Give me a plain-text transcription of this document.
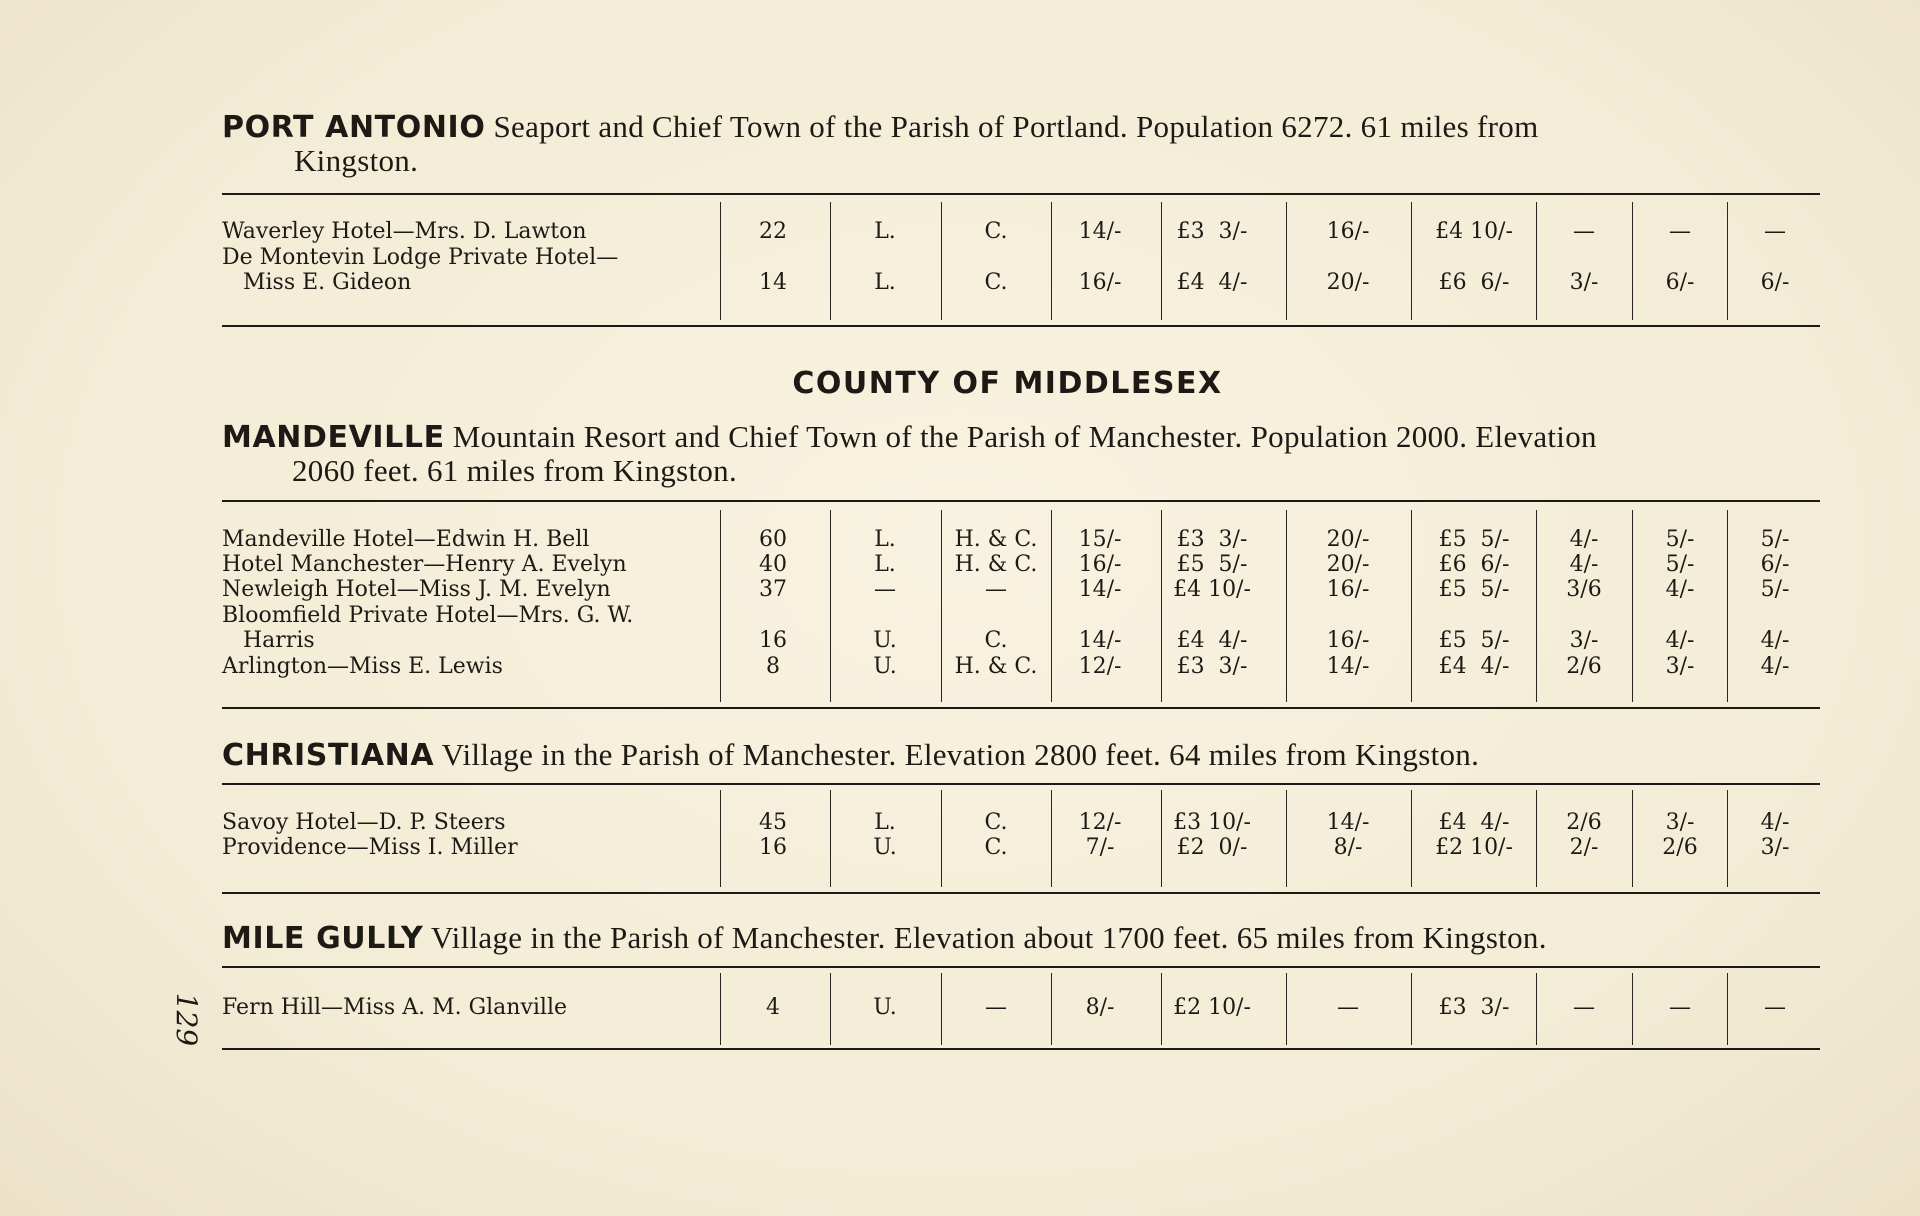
PORT ANTONIO Seaport and Chief Town of the Parish of Portland. Population 6272. 61 miles from
Kingston.
COUNTY OF MIDDLESEX
MANDEVILLE Mountain Resort and Chief Town of the Parish of Manchester. Population 2000. Elevation
2060 feet. 61 miles from Kingston.
CHRISTIANA Village in the Parish of Manchester. Elevation 2800 feet. 64 miles from Kingston.
MILE GULLY Village in the Parish of Manchester. Elevation about 1700 feet. 65 miles from Kingston.
129
Waverley Hotel—Mrs. D. Lawton	22	L.	C.	14/-	£3  3/-	16/-	£4 10/-	—	—	—
De Montevin Lodge Private Hotel—
Miss E. Gideon	14	L.	C.	16/-	£4  4/-	20/-	£6  6/-	3/-	6/-	6/-
Mandeville Hotel—Edwin H. Bell	60	L.	H. & C.	15/-	£3  3/-	20/-	£5  5/-	4/-	5/-	5/-
Hotel Manchester—Henry A. Evelyn	40	L.	H. & C.	16/-	£5  5/-	20/-	£6  6/-	4/-	5/-	6/-
Newleigh Hotel—Miss J. M. Evelyn	37	—	—	14/-	£4 10/-	16/-	£5  5/-	3/6	4/-	5/-
Bloomfield Private Hotel—Mrs. G. W.
Harris	16	U.	C.	14/-	£4  4/-	16/-	£5  5/-	3/-	4/-	4/-
Arlington—Miss E. Lewis	8	U.	H. & C.	12/-	£3  3/-	14/-	£4  4/-	2/6	3/-	4/-
Savoy Hotel—D. P. Steers	45	L.	C.	12/-	£3 10/-	14/-	£4  4/-	2/6	3/-	4/-
Providence—Miss I. Miller	16	U.	C.	7/-	£2  0/-	8/-	£2 10/-	2/-	2/6	3/-
Fern Hill—Miss A. M. Glanville	4	U.	—	8/-	£2 10/-	—	£3  3/-	—	—	—
